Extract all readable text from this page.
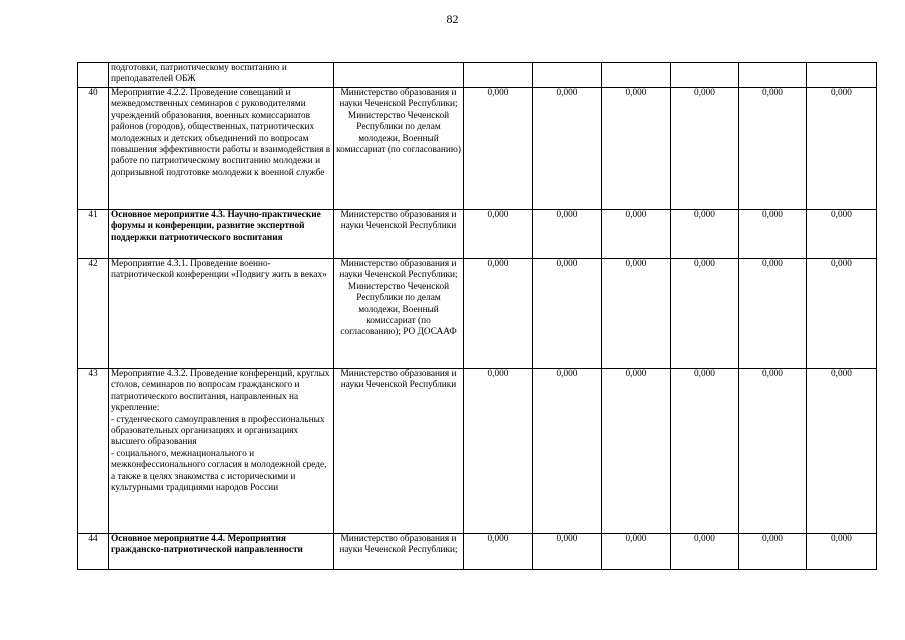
82
	подготовки, патриотическому воспитанию и
преподавателей ОБЖ							
40	Мероприятие 4.2.2. Проведение совещаний и межведомственных семинаров с руководителями учреждений образования, военных комиссариатов районов (городов), общественных, патриотических молодежных и детских объединений по вопросам повышения эффективности работы и взаимодействия в работе по патриотическому воспитанию молодежи и допризывной подготовке молодежи к военной службе	Министерство образования и науки Чеченской Республики; Министерство Чеченской Республики по делам молодежи, Военный комиссариат (по согласованию)	0,000	0,000	0,000	0,000	0,000	0,000
41	Основное мероприятие 4.3. Научно-практические форумы и конференции, развитие экспертной поддержки патриотического воспитания	Министерство образования и науки Чеченской Республики	0,000	0,000	0,000	0,000	0,000	0,000
42	Мероприятие 4.3.1. Проведение военно-патриотической конференции «Подвигу жить в веках»	Министерство образования и науки Чеченской Республики; Министерство Чеченской Республики по делам молодежи, Военный комиссариат (по согласованию); РО ДОСААФ	0,000	0,000	0,000	0,000	0,000	0,000
43	Мероприятие 4.3.2. Проведение конференций, круглых столов, семинаров по вопросам гражданского и патриотического воспитания, направленных на укрепление:
- студенческого самоуправления в профессиональных образовательных организациях и организациях высшего образования
- социального, межнационального и межконфессионального согласия в молодежной среде, а также в целях знакомства с историческими и культурными традициями народов России	Министерство образования и науки Чеченской Республики	0,000	0,000	0,000	0,000	0,000	0,000
44	Основное мероприятие 4.4. Мероприятия гражданско-патриотической направленности	Министерство образования и науки Чеченской Республики;	0,000	0,000	0,000	0,000	0,000	0,000
